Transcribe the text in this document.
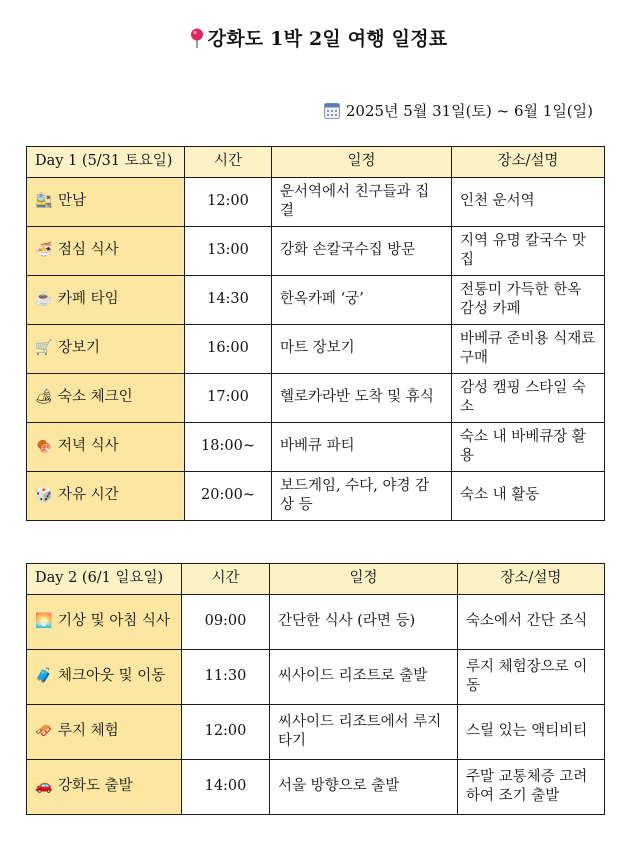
강화도 1박 2일 여행 일정표
2025년 5월 31일(토) ~ 6월 1일(일)
Day 1 (5/31 토요일)	시간	일정	장소/설명
🚉 만남	12:00	운서역에서 친구들과 집결	인천 운서역
🍜 점심 식사	13:00	강화 손칼국수집 방문	지역 유명 칼국수 맛집
☕ 카페 타임	14:30	한옥카페 ‘궁’	전통미 가득한 한옥 감성 카페
🛒 장보기	16:00	마트 장보기	바베큐 준비용 식재료 구매
🏕 숙소 체크인	17:00	헬로카라반 도착 및 휴식	감성 캠핑 스타일 숙소
🍖 저녁 식사	18:00~	바베큐 파티	숙소 내 바베큐장 활용
🎲 자유 시간	20:00~	보드게임, 수다, 야경 감상 등	숙소 내 활동
Day 2 (6/1 일요일)	시간	일정	장소/설명
🌅 기상 및 아침 식사	09:00	간단한 식사 (라면 등)	숙소에서 간단 조식
🧳 체크아웃 및 이동	11:30	씨사이드 리조트로 출발	루지 체험장으로 이동
🛷 루지 체험	12:00	씨사이드 리조트에서 루지 타기	스릴 있는 액티비티
🚗 강화도 출발	14:00	서울 방향으로 출발	주말 교통체증 고려하여 조기 출발
